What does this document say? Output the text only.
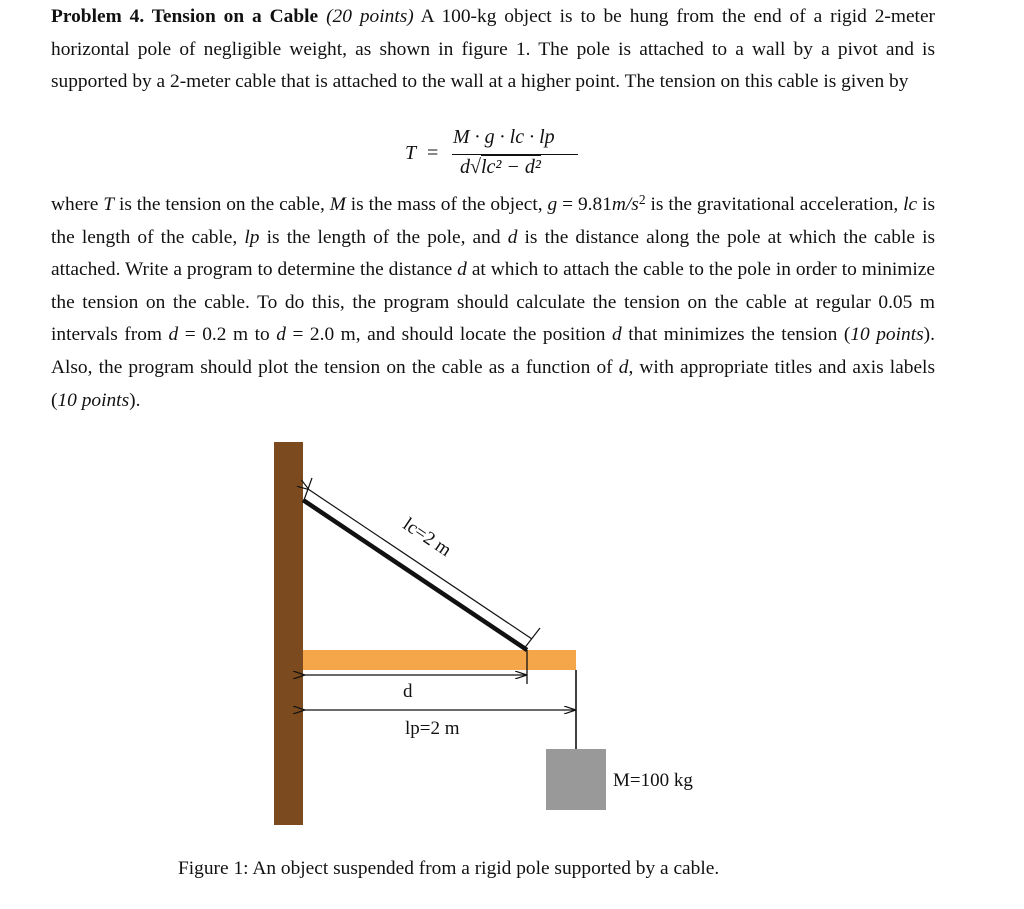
Problem 4. Tension on a Cable (20 points) A 100-kg object is to be hung from the end of a rigid 2-meter horizontal pole of negligible weight, as shown in figure 1. The pole is attached to a wall by a pivot and is supported by a 2-meter cable that is attached to the wall at a higher point. The tension on this cable is given by

T =
M · g · lc · lp
d√lc² − d²

where T is the tension on the cable, M is the mass of the object, $g = 9.81m/s^2$ is the gravitational acceleration, lc is the length of the cable, lp is the length of the pole, and d is the distance along the pole at which the cable is attached. Write a program to determine the distance d at which to attach the cable to the pole in order to minimize the tension on the cable. To do this, the program should calculate the tension on the cable at regular 0.05 m intervals from d = 0.2 m to d = 2.0 m, and should locate the position d that minimizes the tension (10 points). Also, the program should plot the tension on the cable as a function of d, with appropriate titles and axis labels (10 points).

lc=2 m
d
lp=2 m
M=100 kg
Figure 1: An object suspended from a rigid pole supported by a cable.
